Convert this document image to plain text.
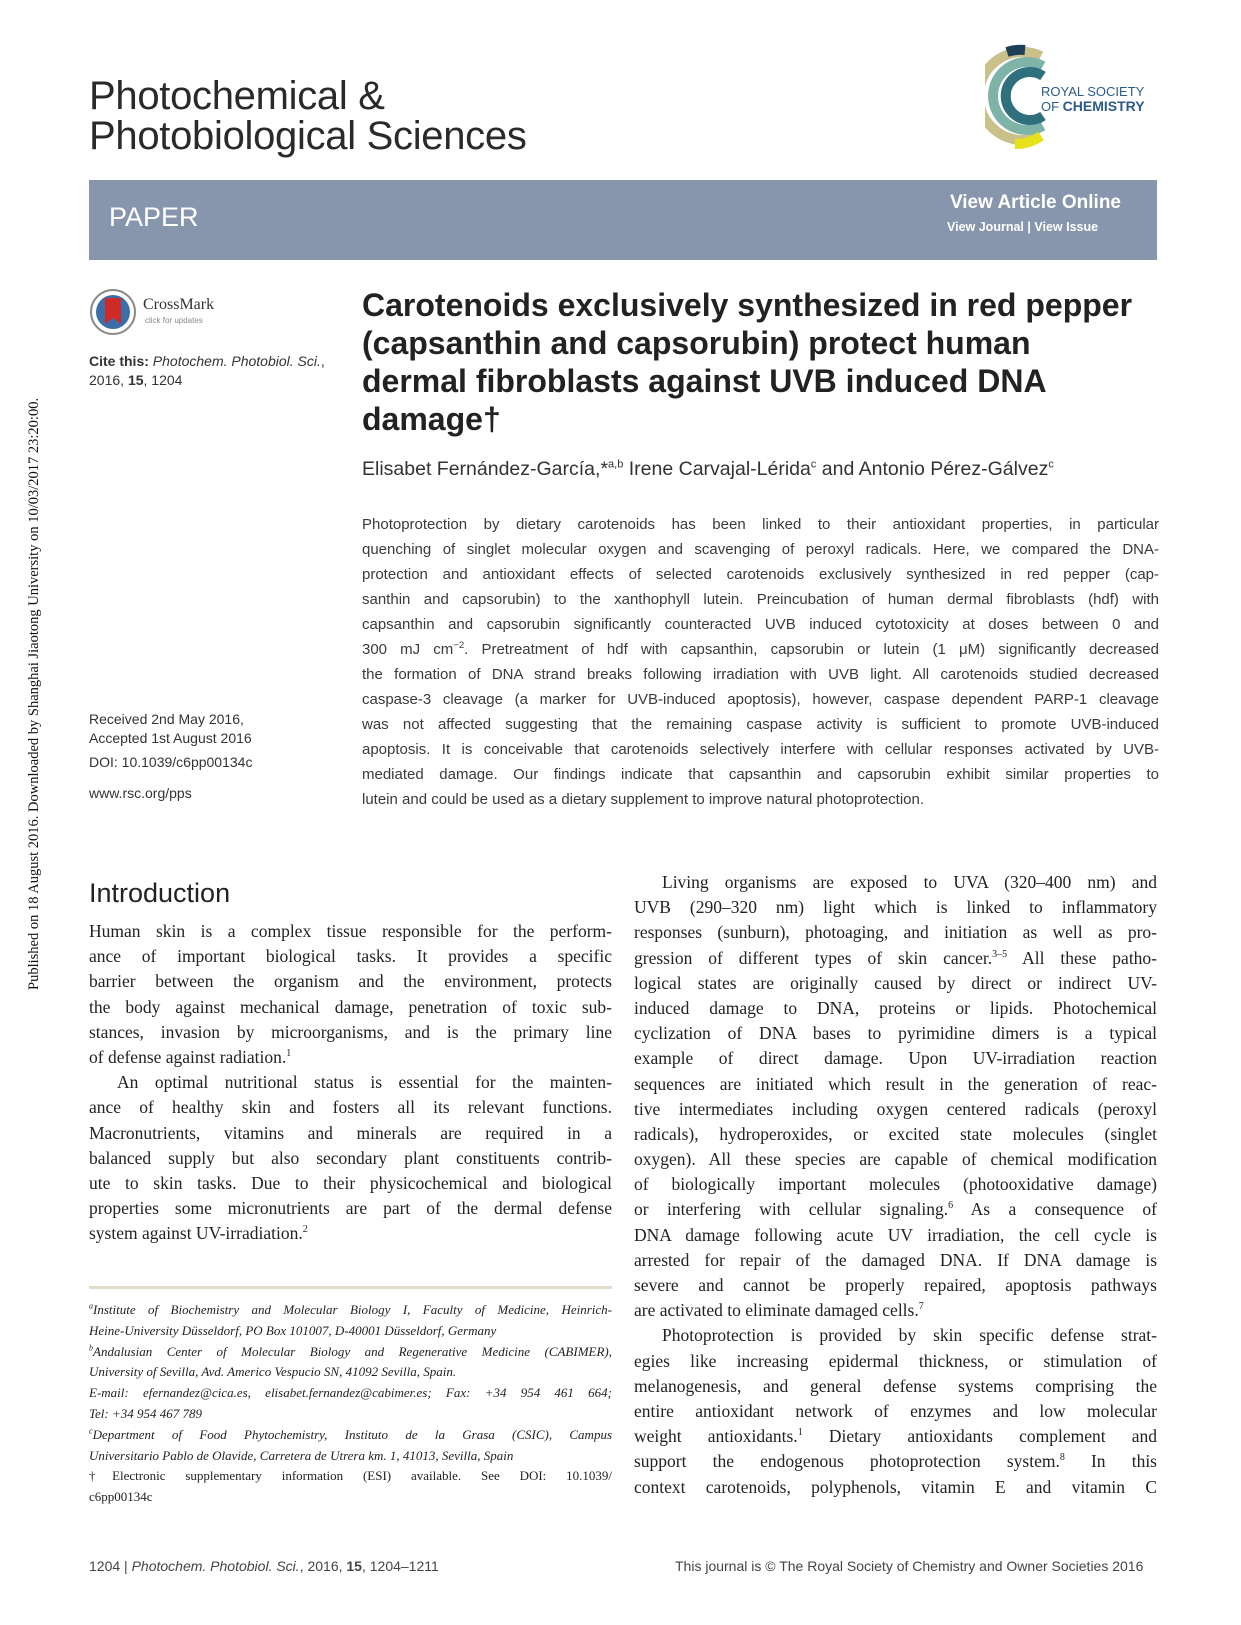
Published on 18 August 2016. Downloaded by Shanghai Jiaotong University on 10/03/2017 23:20:00.
Photochemical &
Photobiological Sciences
ROYAL SOCIETY
OF CHEMISTRY
PAPER	View Article Online
View Journal | View Issue
CrossMark
click for updates
Cite this: Photochem. Photobiol. Sci.,
2016, 15, 1204
Received 2nd May 2016,
Accepted 1st August 2016
DOI: 10.1039/c6pp00134c
www.rsc.org/pps
Carotenoids exclusively synthesized in red pepper
(capsanthin and capsorubin) protect human
dermal fibroblasts against UVB induced DNA
damage†
Elisabet Fernández-García,*$^{a,b}$ Irene Carvajal-Lérida$^c$ and Antonio Pérez-Gálvez$^c$
Photoprotection by dietary carotenoids has been linked to their antioxidant properties, in particular
quenching of singlet molecular oxygen and scavenging of peroxyl radicals. Here, we compared the DNA-
protection and antioxidant effects of selected carotenoids exclusively synthesized in red pepper (cap-
santhin and capsorubin) to the xanthophyll lutein. Preincubation of human dermal fibroblasts (hdf) with
capsanthin and capsorubin significantly counteracted UVB induced cytotoxicity at doses between 0 and
300 mJ $cm^{-2}$. Pretreatment of hdf with capsanthin, capsorubin or lutein (1 μM) significantly decreased
the formation of DNA strand breaks following irradiation with UVB light. All carotenoids studied decreased
caspase-3 cleavage (a marker for UVB-induced apoptosis), however, caspase dependent PARP-1 cleavage
was not affected suggesting that the remaining caspase activity is sufficient to promote UVB-induced
apoptosis. It is conceivable that carotenoids selectively interfere with cellular responses activated by UVB-
mediated damage. Our findings indicate that capsanthin and capsorubin exhibit similar properties to
lutein and could be used as a dietary supplement to improve natural photoprotection.
Introduction
Human skin is a complex tissue responsible for the perform-
ance of important biological tasks. It provides a specific
barrier between the organism and the environment, protects
the body against mechanical damage, penetration of toxic sub-
stances, invasion by microorganisms, and is the primary line
of defense against radiation.$^1$
An optimal nutritional status is essential for the mainten-
ance of healthy skin and fosters all its relevant functions.
Macronutrients, vitamins and minerals are required in a
balanced supply but also secondary plant constituents contrib-
ute to skin tasks. Due to their physicochemical and biological
properties some micronutrients are part of the dermal defense
system against UV-irradiation.$^2$
$^a$Institute of Biochemistry and Molecular Biology I, Faculty of Medicine, Heinrich-
Heine-University Düsseldorf, PO Box 101007, D-40001 Düsseldorf, Germany
$^b$Andalusian Center of Molecular Biology and Regenerative Medicine (CABIMER),
University of Sevilla, Avd. Americo Vespucio SN, 41092 Sevilla, Spain.
E-mail: efernandez@cica.es, elisabet.fernandez@cabimer.es; Fax: +34 954 461 664;
Tel: +34 954 467 789
$^c$Department of Food Phytochemistry, Instituto de la Grasa (CSIC), Campus
Universitario Pablo de Olavide, Carretera de Utrera km. 1, 41013, Sevilla, Spain
†Electronic supplementary information (ESI) available. See DOI: 10.1039/
c6pp00134c
Living organisms are exposed to UVA (320–400 nm) and
UVB (290–320 nm) light which is linked to inflammatory
responses (sunburn), photoaging, and initiation as well as pro-
gression of different types of skin cancer.$^{3-5}$ All these patho-
logical states are originally caused by direct or indirect UV-
induced damage to DNA, proteins or lipids. Photochemical
cyclization of DNA bases to pyrimidine dimers is a typical
example of direct damage. Upon UV-irradiation reaction
sequences are initiated which result in the generation of reac-
tive intermediates including oxygen centered radicals (peroxyl
radicals), hydroperoxides, or excited state molecules (singlet
oxygen). All these species are capable of chemical modification
of biologically important molecules (photooxidative damage)
or interfering with cellular signaling.$^6$ As a consequence of
DNA damage following acute UV irradiation, the cell cycle is
arrested for repair of the damaged DNA. If DNA damage is
severe and cannot be properly repaired, apoptosis pathways
are activated to eliminate damaged cells.$^7$
Photoprotection is provided by skin specific defense strat-
egies like increasing epidermal thickness, or stimulation of
melanogenesis, and general defense systems comprising the
entire antioxidant network of enzymes and low molecular
weight antioxidants.$^1$ Dietary antioxidants complement and
support the endogenous photoprotection system.$^8$ In this
context carotenoids, polyphenols, vitamin E and vitamin C
1204 | Photochem. Photobiol. Sci., 2016, 15, 1204–1211	This journal is © The Royal Society of Chemistry and Owner Societies 2016
